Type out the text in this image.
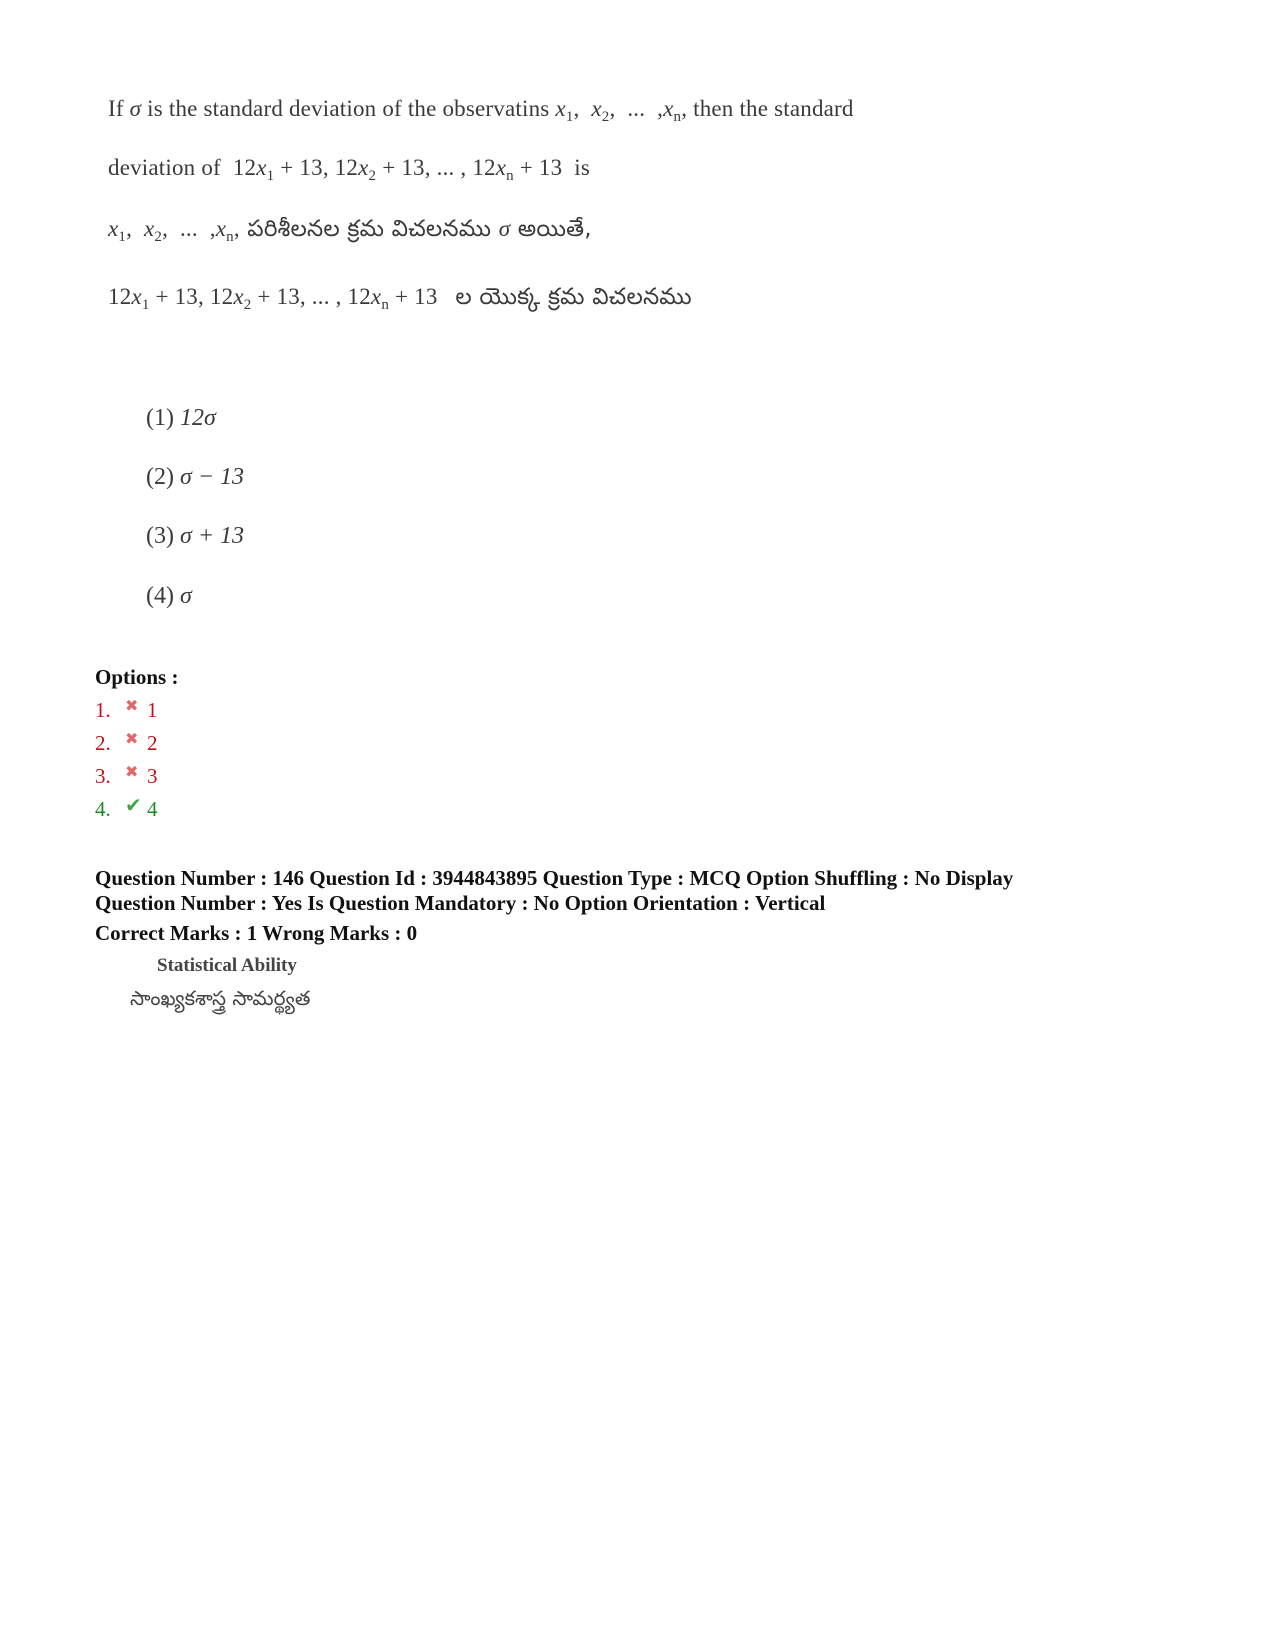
If σ is the standard deviation of the observatins $x_1$,  $x_2$,  ...  $,x_n$, then the standard
deviation of  $12x_1 + 13$, $12x_2 + 13$, ... , $12x_n + 13$  is
$x_1$,  $x_2$,  ...  $,x_n$, పరిశీలనల క్రమ విచలనము σ అయితే,
$12x_1 + 13$, $12x_2 + 13$, ... , $12x_n + 13$ ల యొక్క క్రమ విచలనము
(1) 12σ
(2) σ − 13
(3) σ + 13
(4) σ
Options :
1. ✖ 1
2. ✖ 2
3. ✖ 3
4. ✔ 4
Question Number : 146 Question Id : 3944843895 Question Type : MCQ Option Shuffling : No Display
Question Number : Yes Is Question Mandatory : No Option Orientation : Vertical
Correct Marks : 1 Wrong Marks : 0
Statistical Ability
సాంఖ్యకశాస్త్ర సామర్థ్యత
